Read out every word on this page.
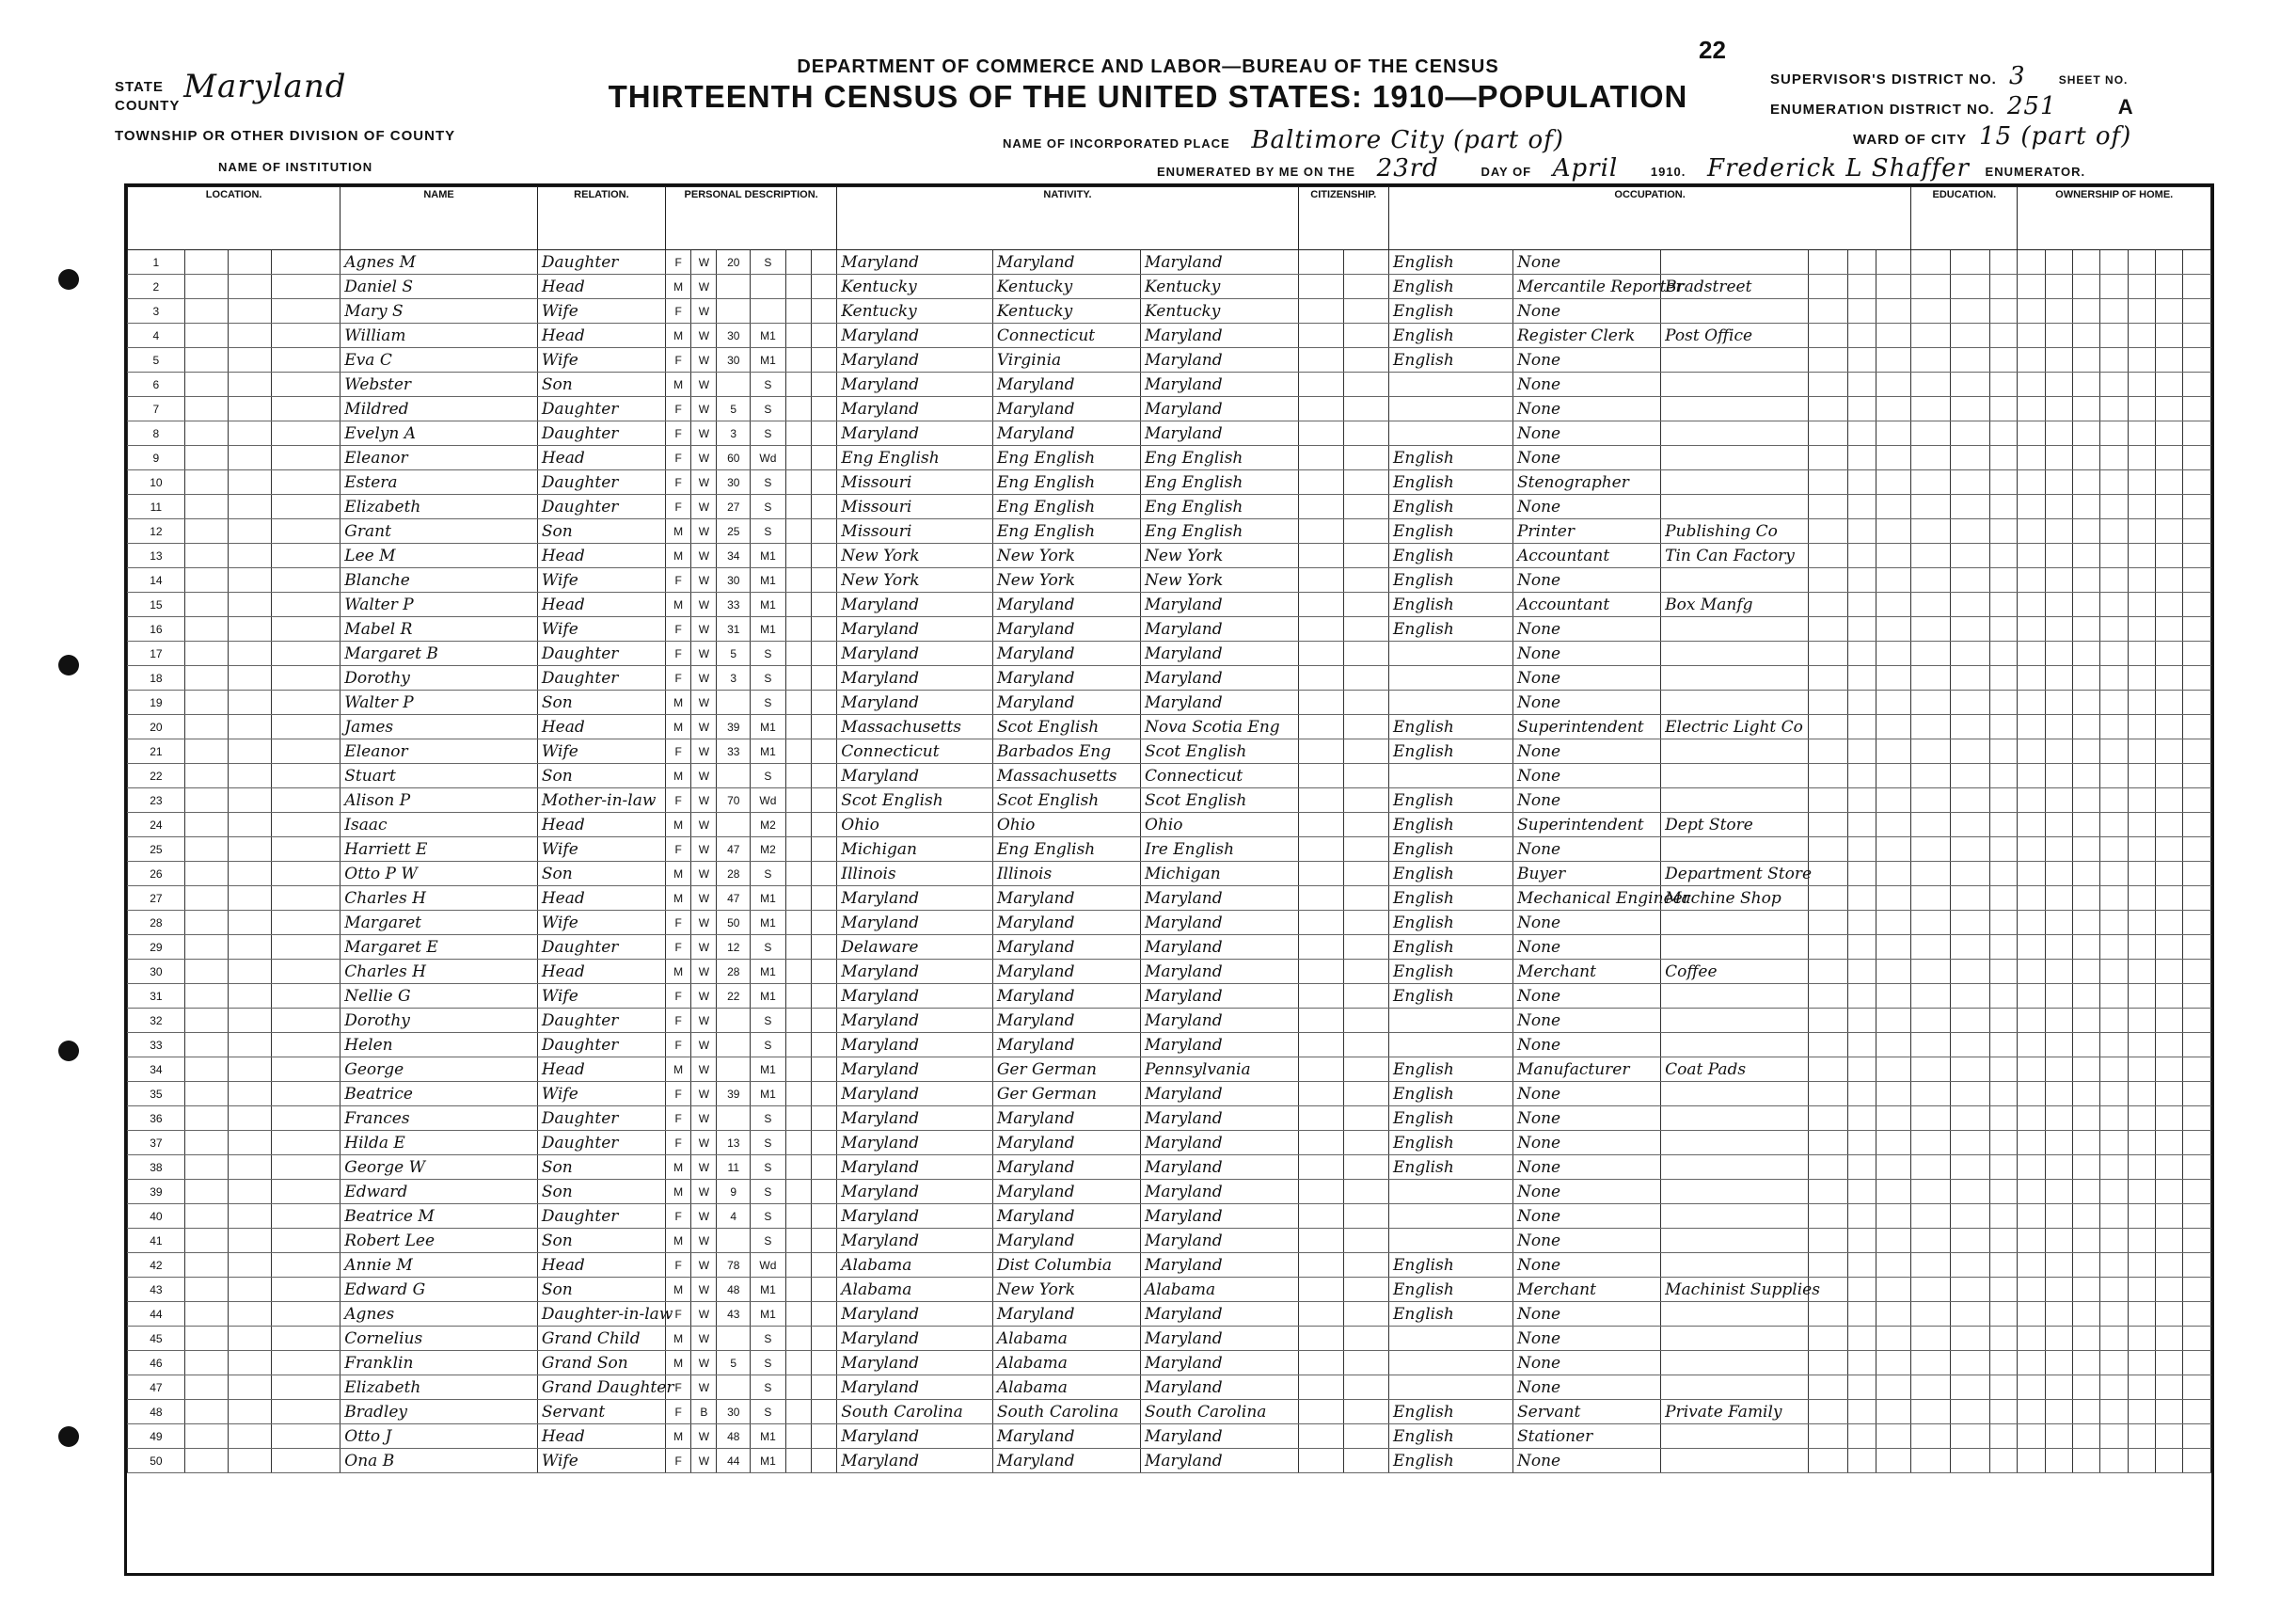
STATE Maryland
COUNTY
TOWNSHIP OR OTHER DIVISION OF COUNTY
NAME OF INSTITUTION
22
DEPARTMENT OF COMMERCE AND LABOR—BUREAU OF THE CENSUS
THIRTEENTH CENSUS OF THE UNITED STATES: 1910—POPULATION
NAME OF INCORPORATED PLACE Baltimore City (part of)
ENUMERATED BY ME ON THE 23rd	DAY OF April	1910. Frederick L Shaffer ENUMERATOR.
SUPERVISOR'S DISTRICT NO. 3	SHEET NO.
ENUMERATION DISTRICT NO. 251	A
WARD OF CITY 15 (part of)
LOCATION.				NAME	RELATION.	PERSONAL DESCRIPTION.						NATIVITY.			CITIZENSHIP.		OCCUPATION.						EDUCATION.			OWNERSHIP OF HOME.						
1				Agnes M	Daughter	F	W	20	S			Maryland	Maryland	Maryland			English	None														
2				Daniel S	Head	M	W					Kentucky	Kentucky	Kentucky			English	Mercantile Reporter	Bradstreet													
3				Mary S	Wife	F	W					Kentucky	Kentucky	Kentucky			English	None														
4				William	Head	M	W	30	M1			Maryland	Connecticut	Maryland			English	Register Clerk	Post Office													
5				Eva C	Wife	F	W	30	M1			Maryland	Virginia	Maryland			English	None														
6				Webster	Son	M	W		S			Maryland	Maryland	Maryland				None														
7				Mildred	Daughter	F	W	5	S			Maryland	Maryland	Maryland				None														
8				Evelyn A	Daughter	F	W	3	S			Maryland	Maryland	Maryland				None														
9				Eleanor	Head	F	W	60	Wd			Eng English	Eng English	Eng English			English	None														
10				Estera	Daughter	F	W	30	S			Missouri	Eng English	Eng English			English	Stenographer														
11				Elizabeth	Daughter	F	W	27	S			Missouri	Eng English	Eng English			English	None														
12				Grant	Son	M	W	25	S			Missouri	Eng English	Eng English			English	Printer	Publishing Co													
13				Lee M	Head	M	W	34	M1			New York	New York	New York			English	Accountant	Tin Can Factory													
14				Blanche	Wife	F	W	30	M1			New York	New York	New York			English	None														
15				Walter P	Head	M	W	33	M1			Maryland	Maryland	Maryland			English	Accountant	Box Manfg													
16				Mabel R	Wife	F	W	31	M1			Maryland	Maryland	Maryland			English	None														
17				Margaret B	Daughter	F	W	5	S			Maryland	Maryland	Maryland				None														
18				Dorothy	Daughter	F	W	3	S			Maryland	Maryland	Maryland				None														
19				Walter P	Son	M	W		S			Maryland	Maryland	Maryland				None														
20				James	Head	M	W	39	M1			Massachusetts	Scot English	Nova Scotia Eng			English	Superintendent	Electric Light Co													
21				Eleanor	Wife	F	W	33	M1			Connecticut	Barbados Eng	Scot English			English	None														
22				Stuart	Son	M	W		S			Maryland	Massachusetts	Connecticut				None														
23				Alison P	Mother-in-law	F	W	70	Wd			Scot English	Scot English	Scot English			English	None														
24				Isaac	Head	M	W		M2			Ohio	Ohio	Ohio			English	Superintendent	Dept Store													
25				Harriett E	Wife	F	W	47	M2			Michigan	Eng English	Ire English			English	None														
26				Otto P W	Son	M	W	28	S			Illinois	Illinois	Michigan			English	Buyer	Department Store													
27				Charles H	Head	M	W	47	M1			Maryland	Maryland	Maryland			English	Mechanical Engineer	Machine Shop													
28				Margaret	Wife	F	W	50	M1			Maryland	Maryland	Maryland			English	None														
29				Margaret E	Daughter	F	W	12	S			Delaware	Maryland	Maryland			English	None														
30				Charles H	Head	M	W	28	M1			Maryland	Maryland	Maryland			English	Merchant	Coffee													
31				Nellie G	Wife	F	W	22	M1			Maryland	Maryland	Maryland			English	None														
32				Dorothy	Daughter	F	W		S			Maryland	Maryland	Maryland				None														
33				Helen	Daughter	F	W		S			Maryland	Maryland	Maryland				None														
34				George	Head	M	W		M1			Maryland	Ger German	Pennsylvania			English	Manufacturer	Coat Pads													
35				Beatrice	Wife	F	W	39	M1			Maryland	Ger German	Maryland			English	None														
36				Frances	Daughter	F	W		S			Maryland	Maryland	Maryland			English	None														
37				Hilda E	Daughter	F	W	13	S			Maryland	Maryland	Maryland			English	None														
38				George W	Son	M	W	11	S			Maryland	Maryland	Maryland			English	None														
39				Edward	Son	M	W	9	S			Maryland	Maryland	Maryland				None														
40				Beatrice M	Daughter	F	W	4	S			Maryland	Maryland	Maryland				None														
41				Robert Lee	Son	M	W		S			Maryland	Maryland	Maryland				None														
42				Annie M	Head	F	W	78	Wd			Alabama	Dist Columbia	Maryland			English	None														
43				Edward G	Son	M	W	48	M1			Alabama	New York	Alabama			English	Merchant	Machinist Supplies													
44				Agnes	Daughter-in-law	F	W	43	M1			Maryland	Maryland	Maryland			English	None														
45				Cornelius	Grand Child	M	W		S			Maryland	Alabama	Maryland				None														
46				Franklin	Grand Son	M	W	5	S			Maryland	Alabama	Maryland				None														
47				Elizabeth	Grand Daughter	F	W		S			Maryland	Alabama	Maryland				None														
48				Bradley	Servant	F	B	30	S			South Carolina	South Carolina	South Carolina			English	Servant	Private Family													
49				Otto J	Head	M	W	48	M1			Maryland	Maryland	Maryland			English	Stationer														
50				Ona B	Wife	F	W	44	M1			Maryland	Maryland	Maryland			English	None														
